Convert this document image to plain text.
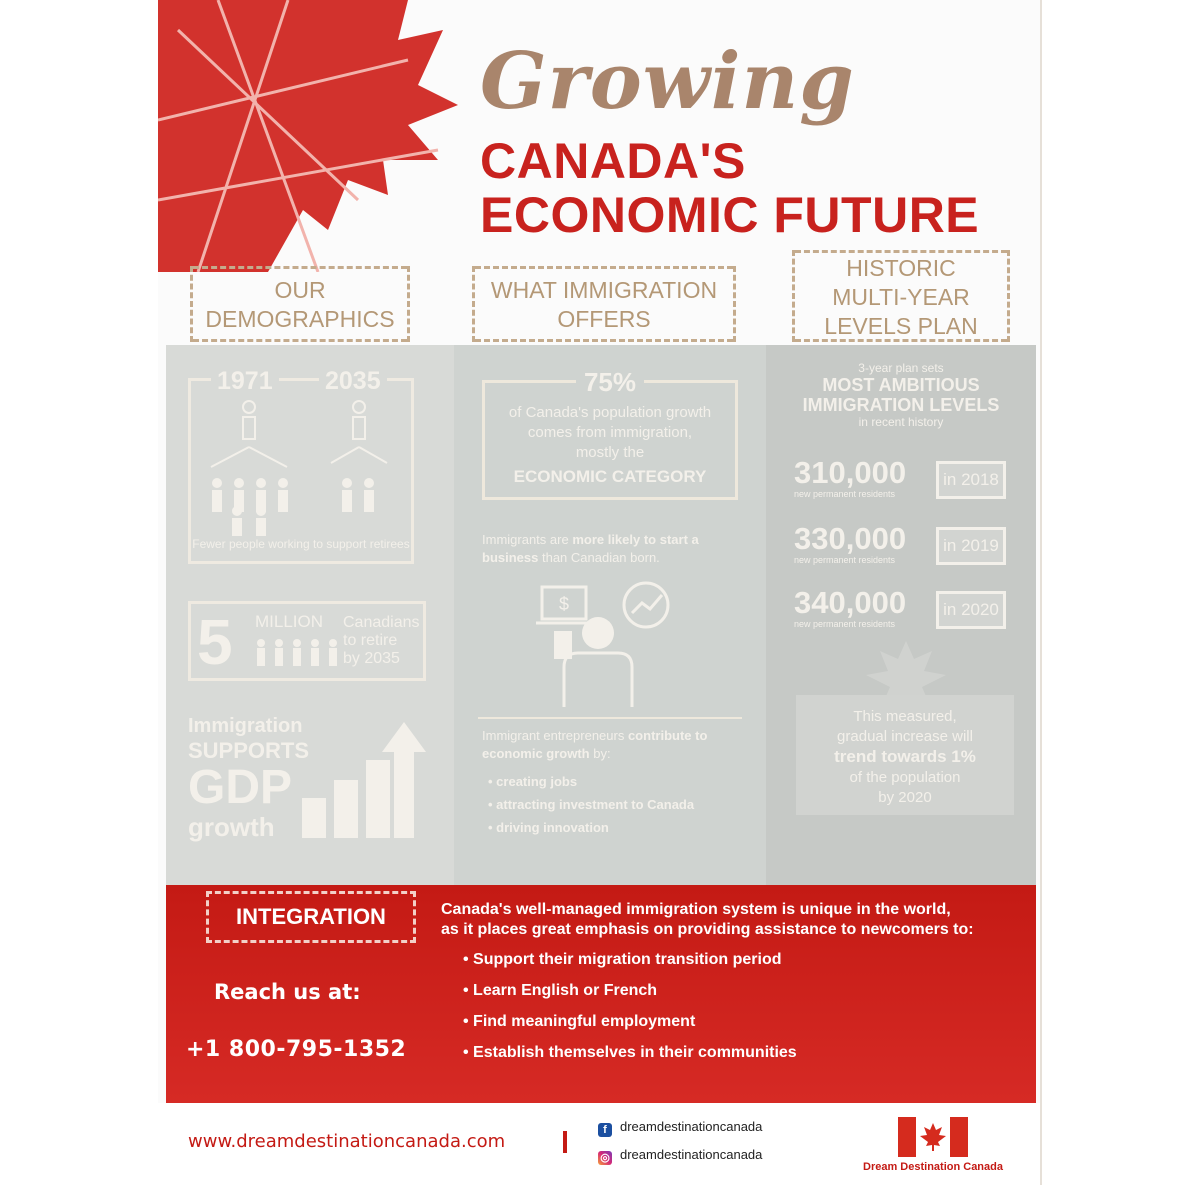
Growing
CANADA'S
ECONOMIC FUTURE
OUR
DEMOGRAPHICS
WHAT IMMIGRATION
OFFERS
HISTORIC
MULTI-YEAR
LEVELS PLAN
1971 2035
Fewer people working to support retirees
5 MILLION Canadians
to retire
by 2035
Immigration
SUPPORTS
GDP
growth
75%
of Canada's population growth
comes from immigration,
mostly the
ECONOMIC CATEGORY
Immigrants are more likely to start a business than Canadian born.
$
Immigrant entrepreneurs contribute to economic growth by:
• creating jobs
• attracting investment to Canada
• driving innovation
3-year plan sets
MOST AMBITIOUS
IMMIGRATION LEVELS
in recent history
310,000
new permanent residents
in 2018
330,000
new permanent residents
in 2019
340,000
new permanent residents
in 2020
This measured,
gradual increase will
trend towards 1%
of the population
by 2020
INTEGRATION
Reach us at:
+1 800-795-1352
Canada's well-managed immigration system is unique in the world,
as it places great emphasis on providing assistance to newcomers to:
• Support their migration transition period
• Learn English or French
• Find meaningful employment
• Establish themselves in their communities
www.dreamdestinationcanada.com
f dreamdestinationcanada
◎ dreamdestinationcanada
Dream Destination Canada
